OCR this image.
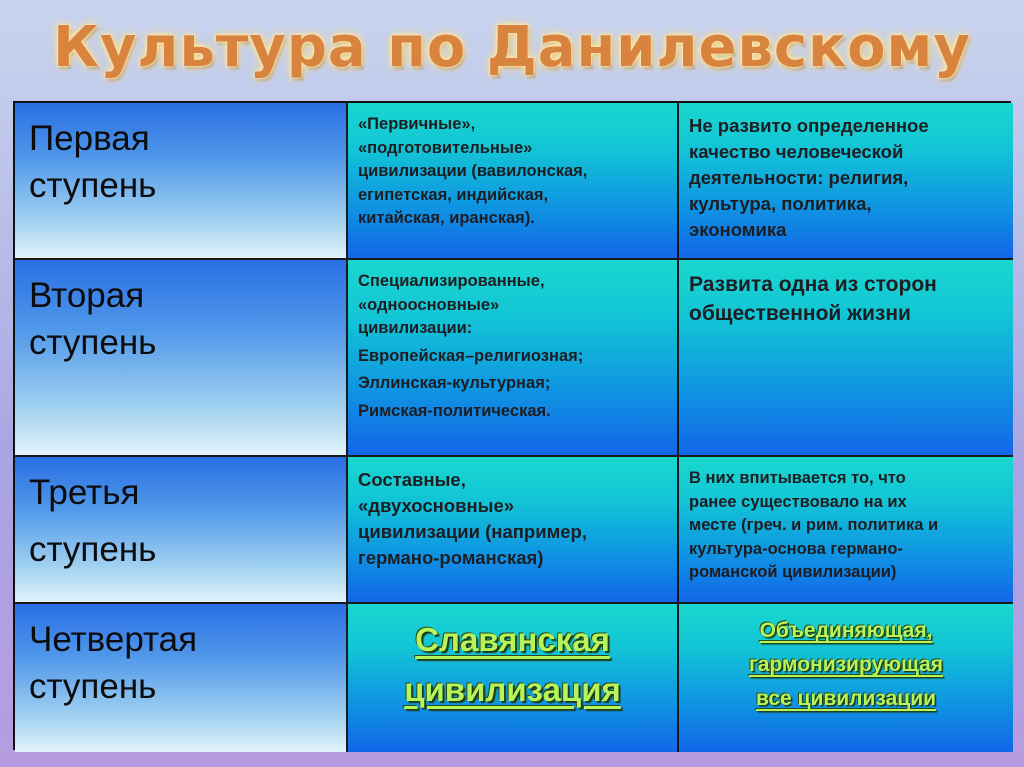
Культура по Данилевскому

Первая

ступень

«Первичные»,

«подготовительные»

цивилизации (вавилонская,

египетская, индийская,

китайская, иранская).

Не развито определенное

качество человеческой

деятельности: религия,

культура, политика,

экономика

Вторая

ступень

Специализированные,

«одноосновные»

цивилизации:

Европейская–религиозная;

Эллинская-культурная;

Римская-политическая.

Развита одна из сторон

общественной жизни

Третья

ступень

Составные,

«двухосновные»

цивилизации (например,

германо-романская)

В них впитывается то, что

ранее существовало на их

месте (греч. и рим. политика и

культура-основа германо-

романской цивилизации)

Четвертая

ступень

Славянская

цивилизация

Объединяющая,

гармонизирующая

все цивилизации
